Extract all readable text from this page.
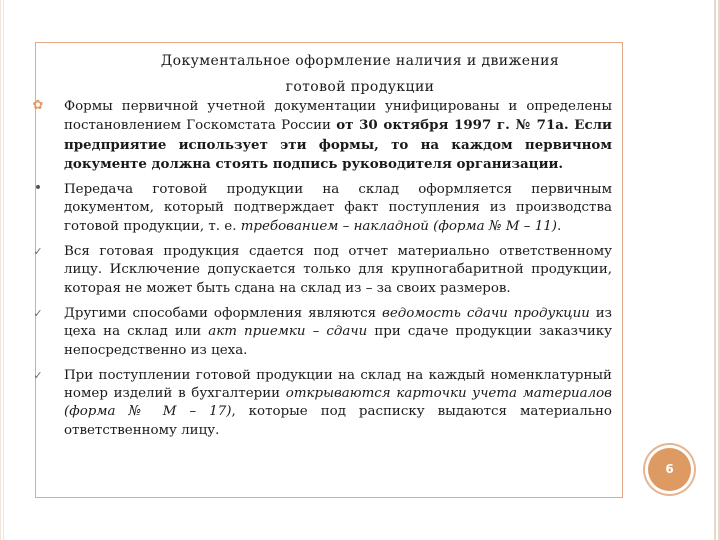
Документальное оформление наличия и движения
готовой продукции
✿ Формы первичной учетной документации унифицированы и определены постановлением Госкомстата России от 30 октября 1997 г. № 71а. Если предприятие использует эти формы, то на каждом первичном документе должна стоять подпись руководителя организации.
• Передача готовой продукции на склад оформляется первичным документом, который подтверждает факт поступления из производства готовой продукции, т. е. требованием – накладной (форма № М – 11).
✓ Вся готовая продукция сдается под отчет материально ответственному лицу. Исключение допускается только для крупногабаритной продукции, которая не может быть сдана на склад из – за своих размеров.
✓ Другими способами оформления являются ведомость сдачи продукции из цеха на склад или акт приемки – сдачи при сдаче продукции заказчику непосредственно из цеха.
✓ При поступлении готовой продукции на склад на каждый номенклатурный номер изделий в бухгалтерии открываются карточки учета материалов (форма № М – 17), которые под расписку выдаются материально ответственному лицу.
6
